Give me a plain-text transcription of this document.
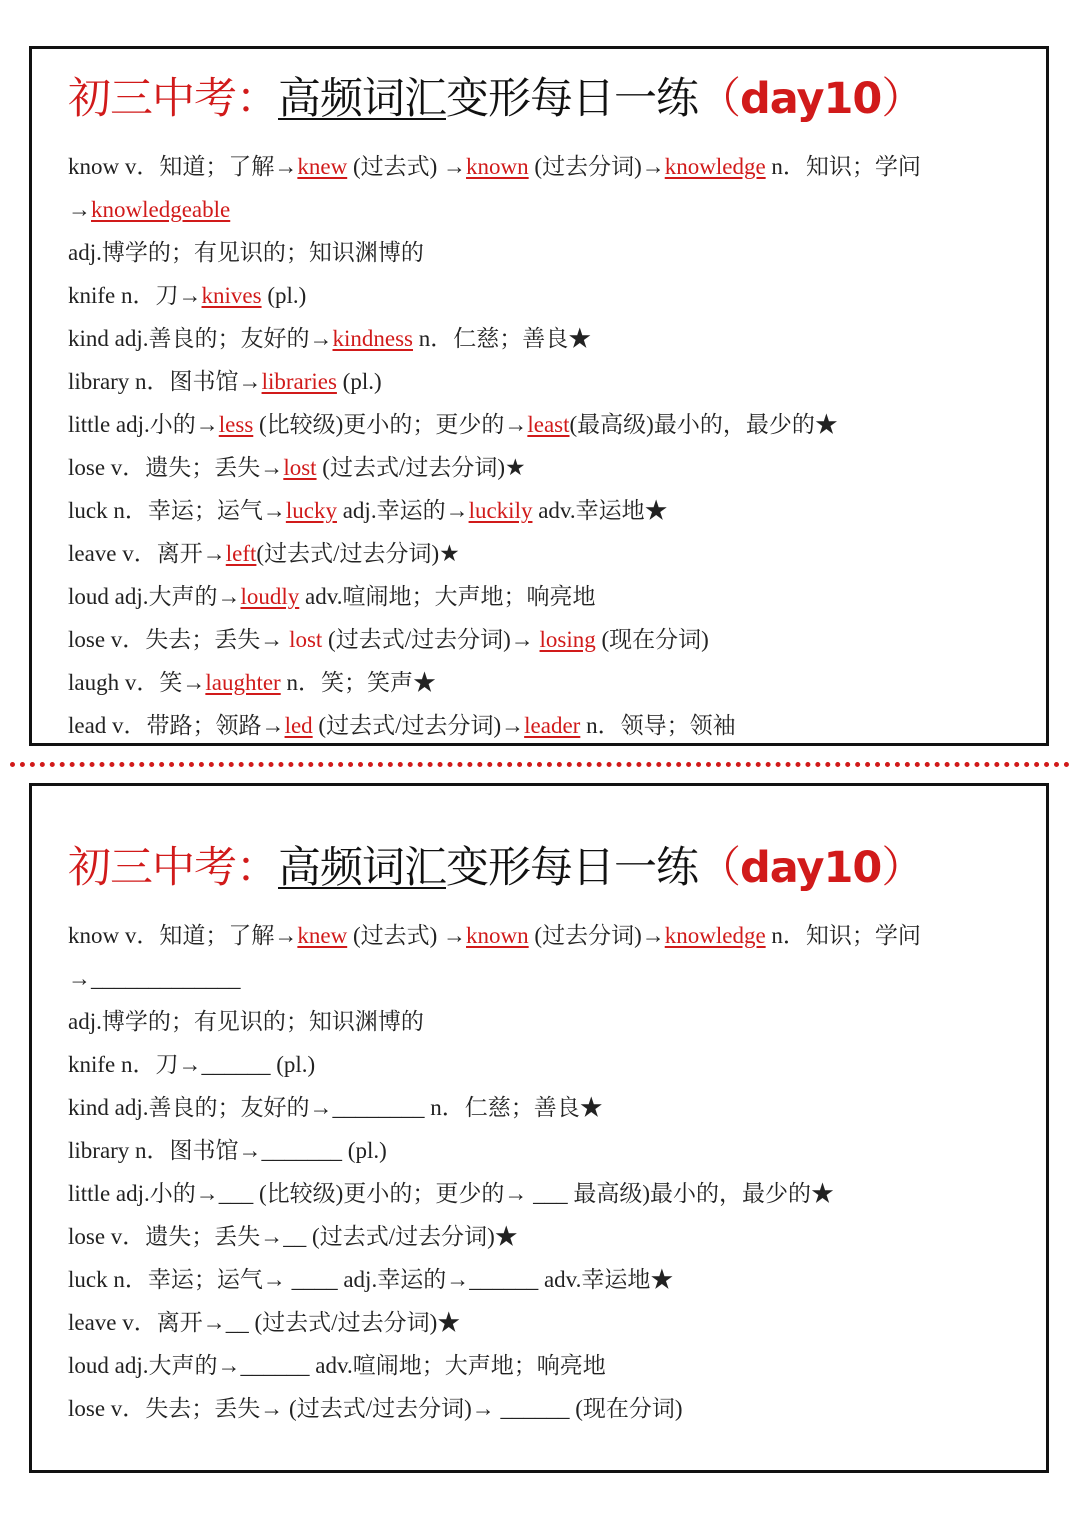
初三中考：高频词汇变形每日一练（day10）
know v．知道；了解→knew (过去式) →known (过去分词)→knowledge n．知识；学问
→knowledgeable
adj.博学的；有见识的；知识渊博的
knife n．刀→knives (pl.)
kind adj.善良的；友好的→kindness n．仁慈；善良★
library n．图书馆→libraries (pl.)
little adj.小的→less (比较级)更小的；更少的→least(最高级)最小的，最少的★
lose v．遗失；丢失→lost (过去式/过去分词)★
luck n．幸运；运气→lucky adj.幸运的→luckily adv.幸运地★
leave v．离开→left(过去式/过去分词)★
loud adj.大声的→loudly adv.喧闹地；大声地；响亮地
lose v．失去；丢失→ lost (过去式/过去分词)→ losing (现在分词)
laugh v．笑→laughter n．笑；笑声★
lead v．带路；领路→led (过去式/过去分词)→leader n．领导；领袖
初三中考：高频词汇变形每日一练（day10）
know v．知道；了解→knew (过去式) →known (过去分词)→knowledge n．知识；学问
→_____________
adj.博学的；有见识的；知识渊博的
knife n．刀→______ (pl.)
kind adj.善良的；友好的→________ n．仁慈；善良★
library n．图书馆→_______ (pl.)
little adj.小的→___ (比较级)更小的；更少的→ ___ 最高级)最小的，最少的★
lose v．遗失；丢失→__ (过去式/过去分词)★
luck n．幸运；运气→ ____ adj.幸运的→______ adv.幸运地★
leave v．离开→__ (过去式/过去分词)★
loud adj.大声的→______ adv.喧闹地；大声地；响亮地
lose v．失去；丢失→ (过去式/过去分词)→ ______ (现在分词)
